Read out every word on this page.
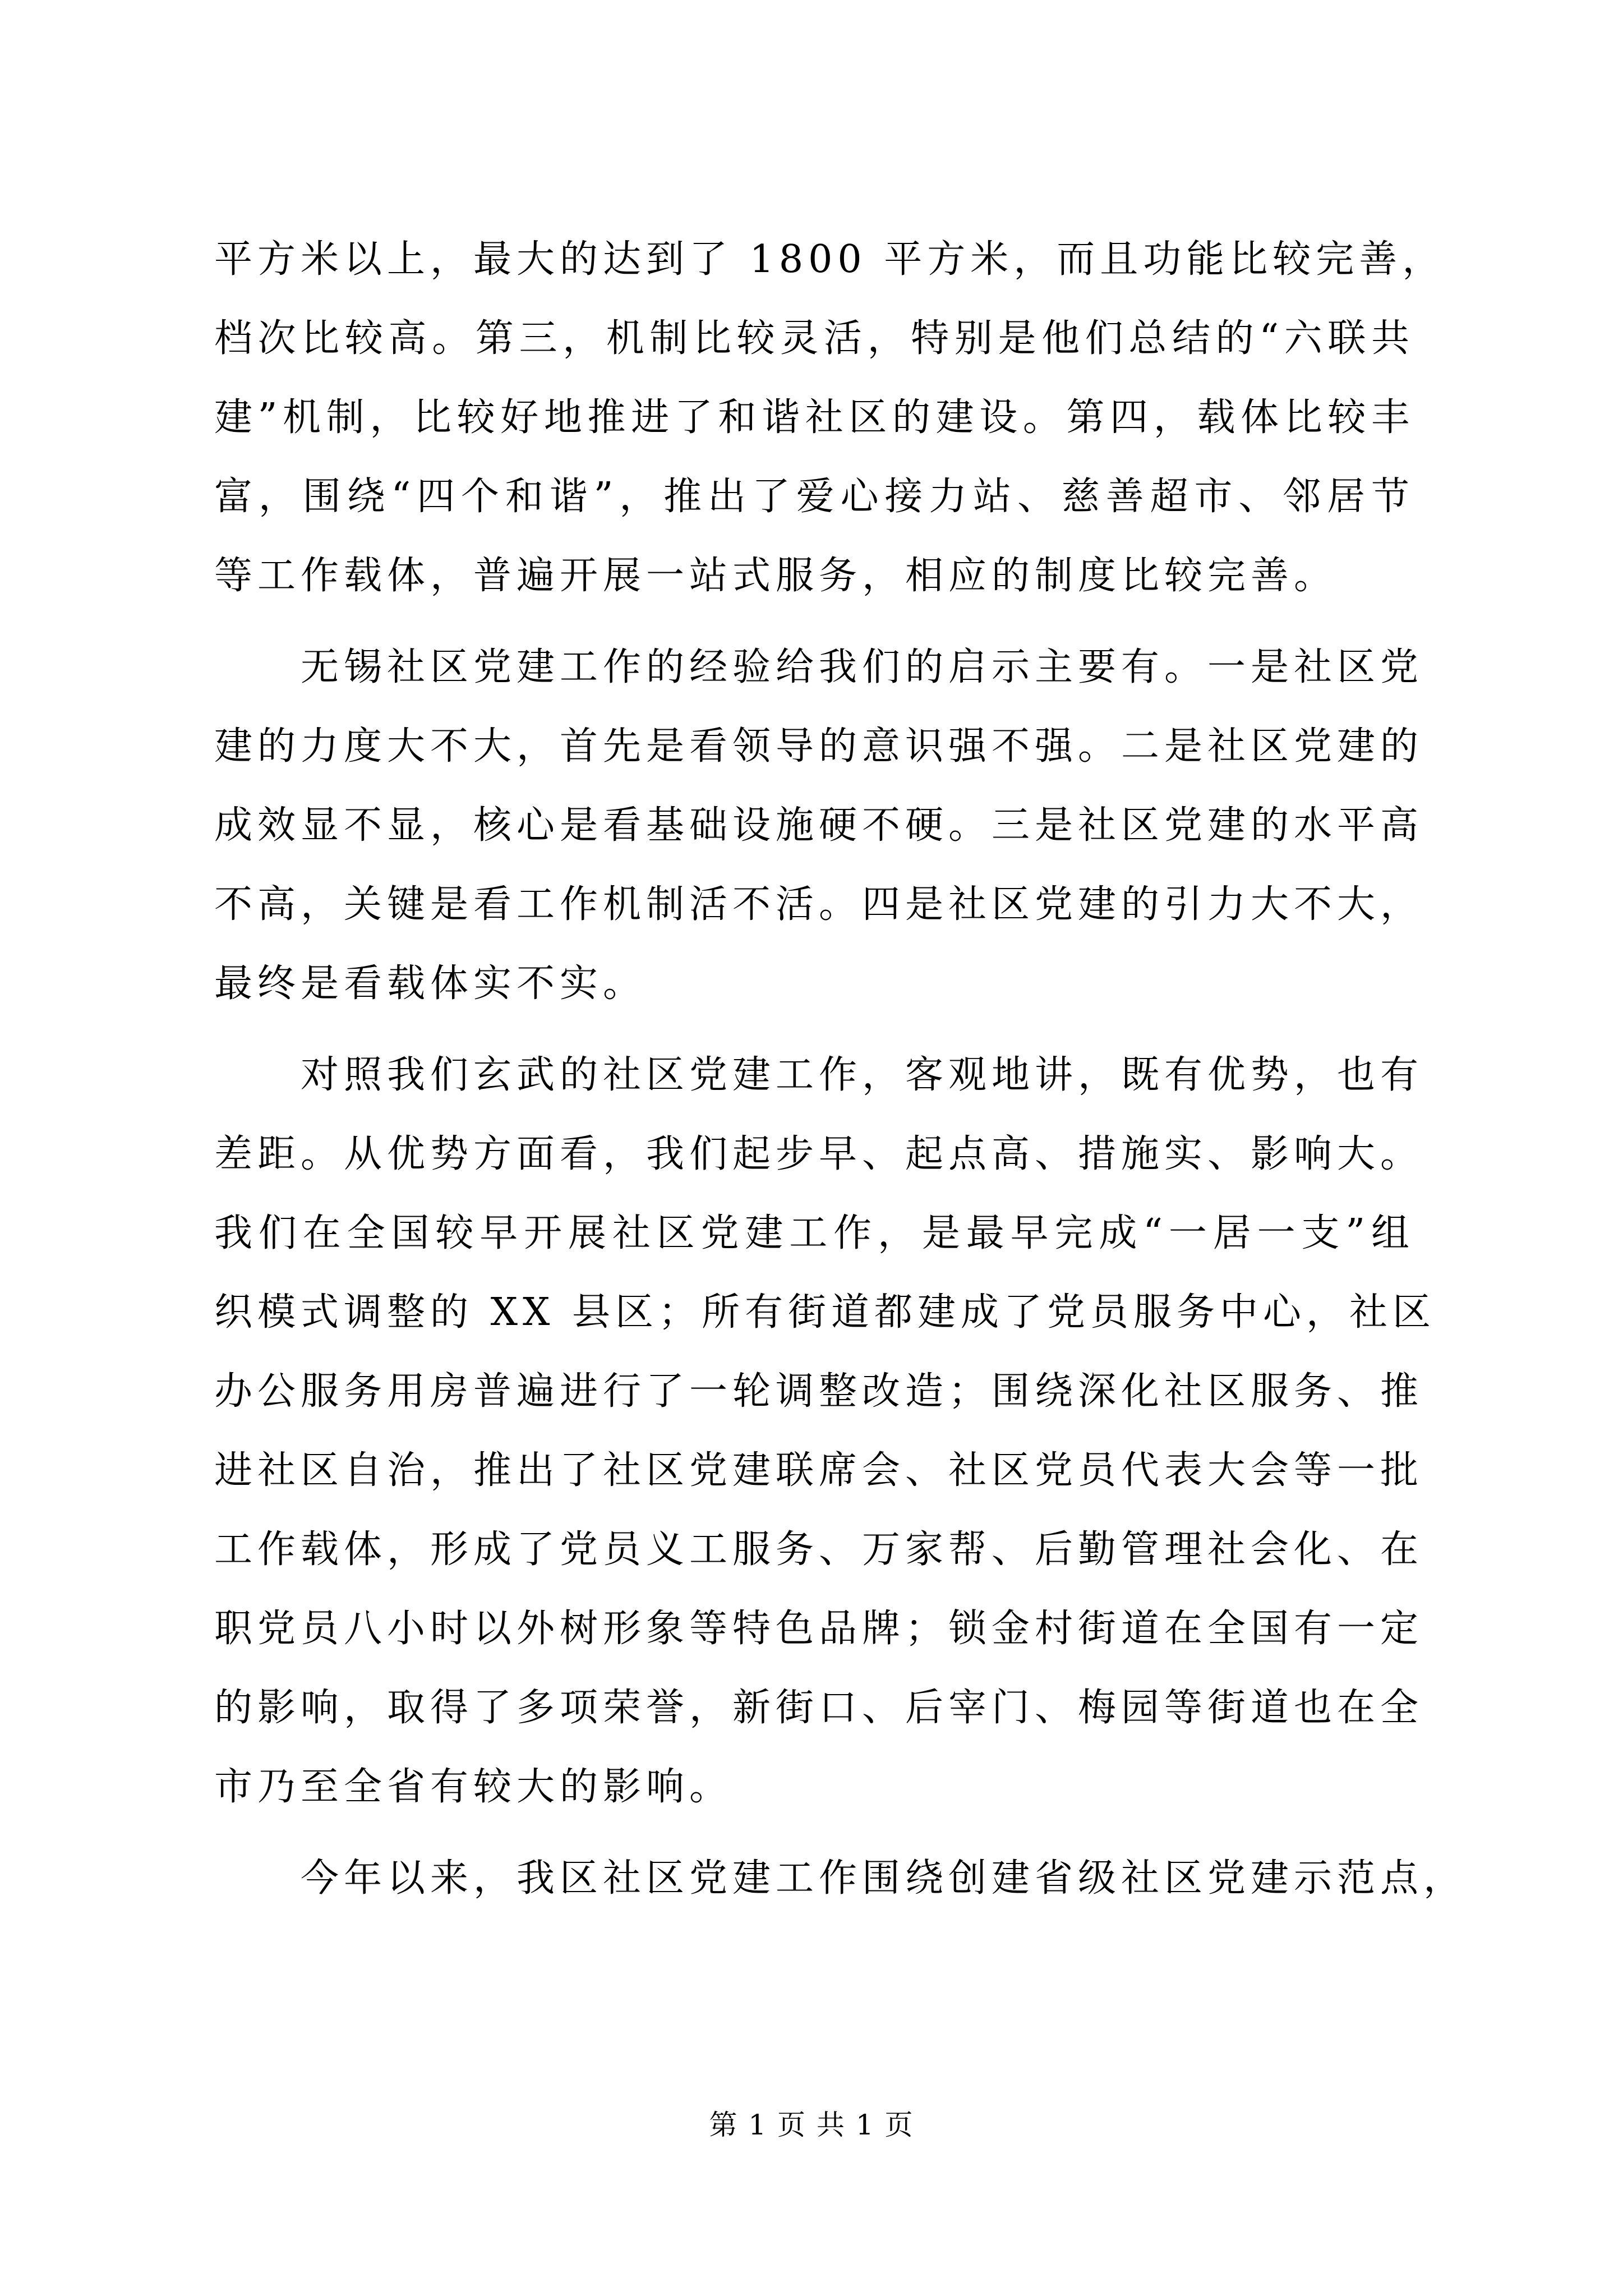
平方米以上，最大的达到了 1800 平方米，而且功能比较完善，
档次比较高。第三，机制比较灵活，特别是他们总结的“六联共
建”机制，比较好地推进了和谐社区的建设。第四，载体比较丰
富，围绕“四个和谐”，推出了爱心接力站、慈善超市、邻居节
等工作载体，普遍开展一站式服务，相应的制度比较完善。
无锡社区党建工作的经验给我们的启示主要有。一是社区党
建的力度大不大，首先是看领导的意识强不强。二是社区党建的
成效显不显，核心是看基础设施硬不硬。三是社区党建的水平高
不高，关键是看工作机制活不活。四是社区党建的引力大不大，
最终是看载体实不实。
对照我们玄武的社区党建工作，客观地讲，既有优势，也有
差距。从优势方面看，我们起步早、起点高、措施实、影响大。
我们在全国较早开展社区党建工作，是最早完成“一居一支”组
织模式调整的 XX 县区；所有街道都建成了党员服务中心，社区
办公服务用房普遍进行了一轮调整改造；围绕深化社区服务、推
进社区自治，推出了社区党建联席会、社区党员代表大会等一批
工作载体，形成了党员义工服务、万家帮、后勤管理社会化、在
职党员八小时以外树形象等特色品牌；锁金村街道在全国有一定
的影响，取得了多项荣誉，新街口、后宰门、梅园等街道也在全
市乃至全省有较大的影响。
今年以来，我区社区党建工作围绕创建省级社区党建示范点，
第 1 页 共 1 页
